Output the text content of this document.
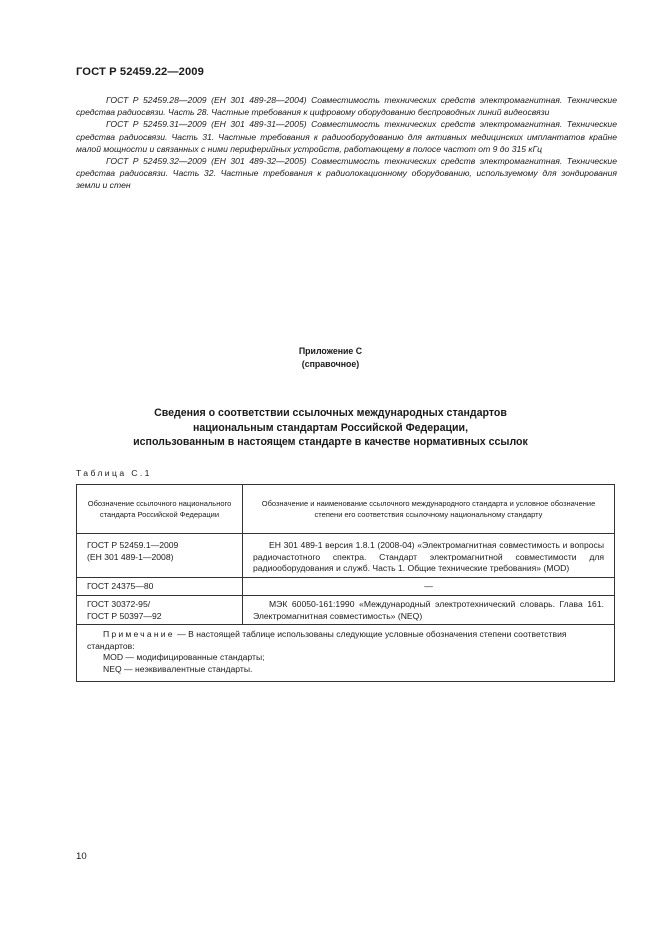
ГОСТ Р 52459.22—2009

ГОСТ Р 52459.28—2009 (ЕН 301 489-28—2004) Совместимость технических средств электромагнитная. Технические средства радиосвязи. Часть 28. Частные требования к цифровому оборудованию беспроводных линий видеосвязи

ГОСТ Р 52459.31—2009 (ЕН 301 489-31—2005) Совместимость технических средств электромагнитная. Технические средства радиосвязи. Часть 31. Частные требования к радиооборудованию для активных медицинских имплантатов крайне малой мощности и связанных с ними периферийных устройств, работающему в полосе частот от 9 до 315 кГц

ГОСТ Р 52459.32—2009 (ЕН 301 489-32—2005) Совместимость технических средств электромагнитная. Технические средства радиосвязи. Часть 32. Частные требования к радиолокационному оборудованию, используемому для зондирования земли и стен

Приложение С
(справочное)
Сведения о соответствии ссылочных международных стандартов
национальным стандартам Российской Федерации,
использованным в настоящем стандарте в качестве нормативных ссылок
Таблица С.1
Обозначение ссылочного национального стандарта Российской Федерации	Обозначение и наименование ссылочного международного стандарта и условное обозначение степени его соответствия ссылочному национальному стандарту

ГОСТ Р 52459.1—2009
(ЕН 301 489-1—2008)	ЕН 301 489-1 версия 1.8.1 (2008-04) «Электромагнитная совместимость и вопросы радиочастотного спектра. Стандарт электромагнитной совместимости для радиооборудования и служб. Часть 1. Общие технические требования» (MOD)

ГОСТ 24375—80	—

ГОСТ 30372-95/
ГОСТ Р 50397—92	МЭК 60050-161:1990 «Международный электротехнический словарь. Глава 161. Электромагнитная совместимость» (NEQ)

Примечание — В настоящей таблице использованы следующие условные обозначения степени соответствия стандартов:
MOD — модифицированные стандарты;
NEQ — неэквивалентные стандарты.	
10
